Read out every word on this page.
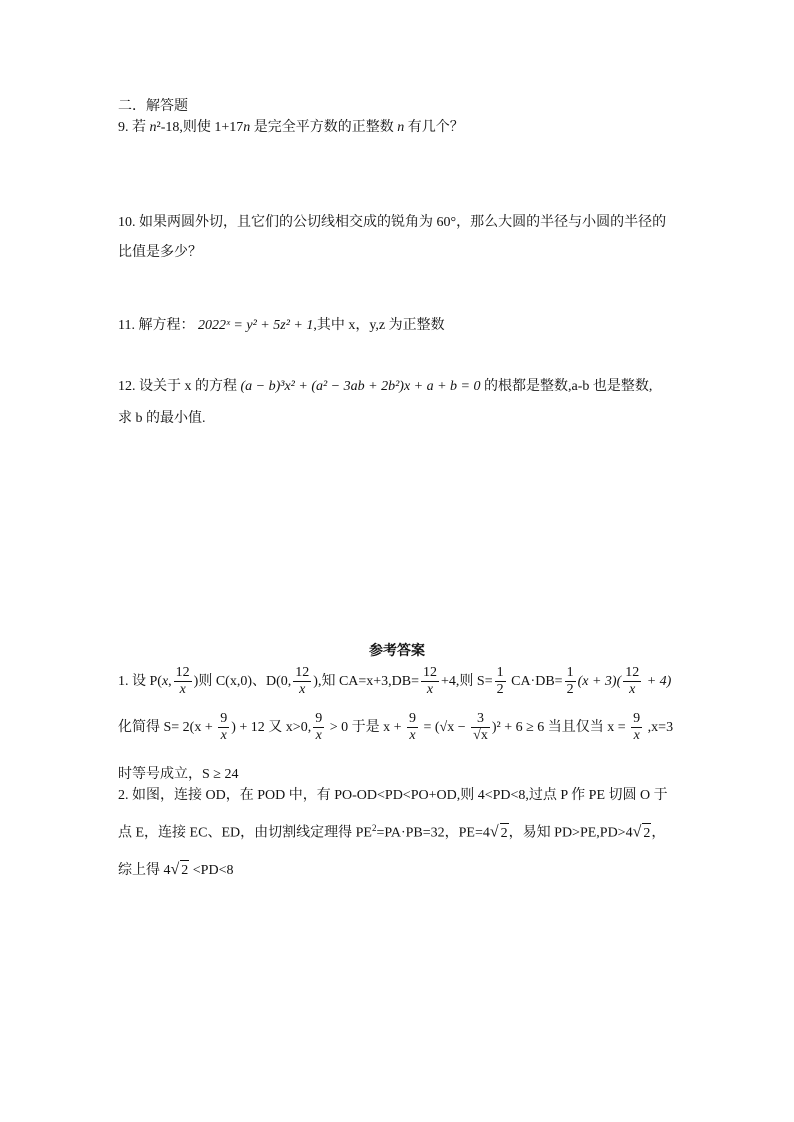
二．解答题
9. 若 n²-18,则使 1+17n 是完全平方数的正整数 n 有几个？
10. 如果两圆外切，且它们的公切线相交成的锐角为 60°，那么大圆的半径与小圆的半径的
比值是多少？
11. 解方程： 2022ˣ = y² + 5z² + 1,其中 x，y,z 为正整数
12. 设关于 x 的方程 (a − b)³x² + (a² − 3ab + 2b²)x + a + b = 0 的根都是整数,a-b 也是整数,
求 b 的最小值.
参考答案
1. 设 P(x, $\frac{12}{x}$ )则 C(x,0)、D(0, $\frac{12}{x}$ ),知 $CA=x+3,DB= \frac{12}{x} +4$,则 $S= \frac{1}{2} CA\cdot DB= \frac{1}{2} (x + 3)( \frac{12}{x} + 4)$
化简得 $S= 2(x + \frac{9}{x}$ ) + 12 又 x>0, $\frac{9}{x} > 0$ 于是 $x + \frac{9}{x} = (√x - \frac{3}{√x} )^2 + 6 \ge 6$ 当且仅当 $x = \frac{9}{x} ,x=3$
时等号成立，S ≥ 24
2. 如图，连接 OD，在 POD 中，有 PO-OD<PD<PO+OD,则 4<PD<8,过点 P 作 PE 切圆 O 于
点 E，连接 EC、ED，由切割线定理得 $PE^2=PA\cdot PB=32$，PE=4√ 2，易知 PD>PE,PD>4√ 2，
综上得 4√ 2 <PD<8
